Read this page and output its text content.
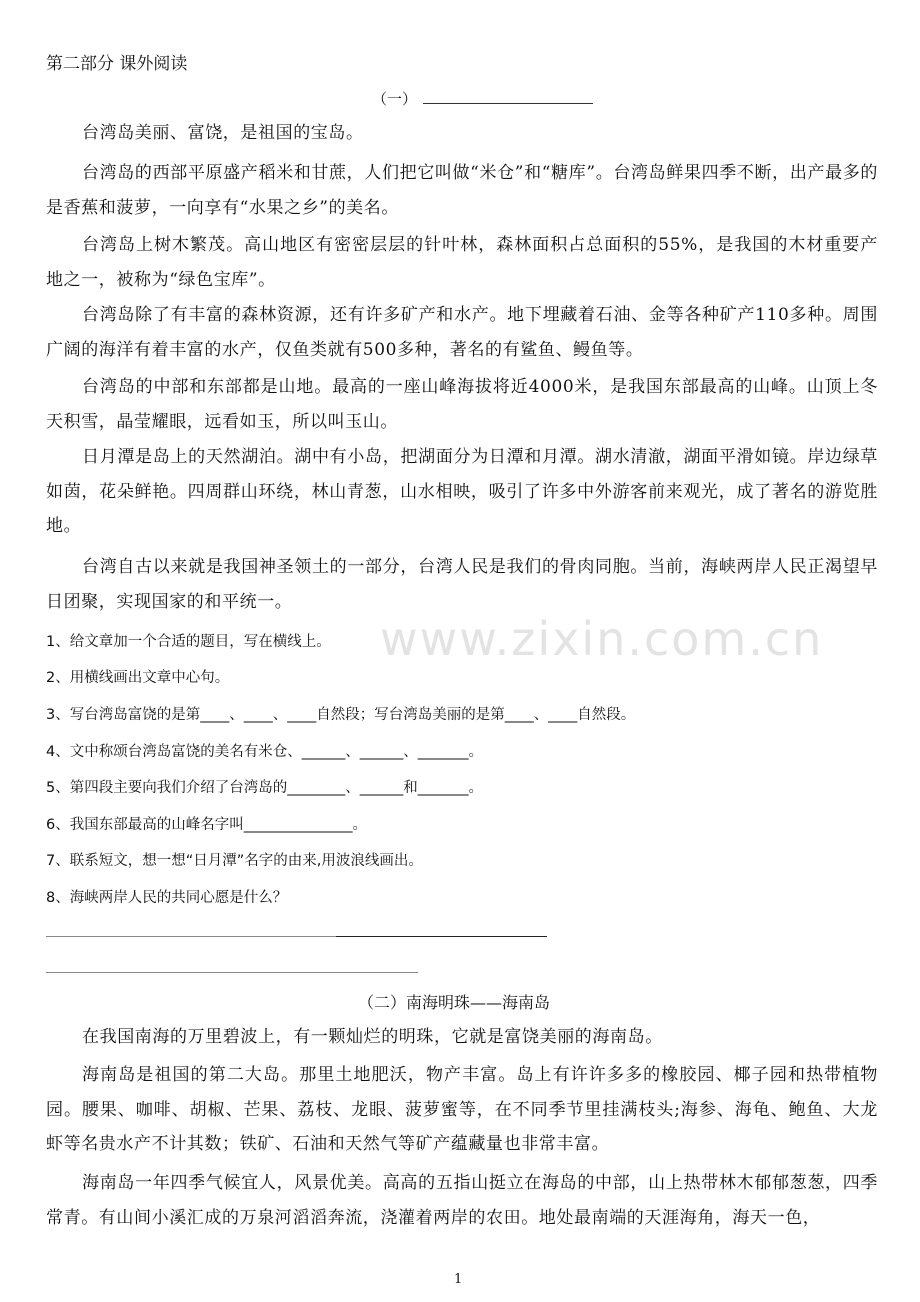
第二部分 课外阅读
（一）
台湾岛美丽、富饶，是祖国的宝岛。
台湾岛的西部平原盛产稻米和甘蔗，人们把它叫做“米仓”和“糖库”。台湾岛鲜果四季不断，出产最多的是香蕉和菠萝，一向享有“水果之乡”的美名。
台湾岛上树木繁茂。高山地区有密密层层的针叶林，森林面积占总面积的55%，是我国的木材重要产地之一，被称为“绿色宝库”。
台湾岛除了有丰富的森林资源，还有许多矿产和水产。地下埋藏着石油、金等各种矿产110多种。周围广阔的海洋有着丰富的水产，仅鱼类就有500多种，著名的有鲨鱼、鳗鱼等。
台湾岛的中部和东部都是山地。最高的一座山峰海拔将近4000米，是我国东部最高的山峰。山顶上冬天积雪，晶莹耀眼，远看如玉，所以叫玉山。
日月潭是岛上的天然湖泊。湖中有小岛，把湖面分为日潭和月潭。湖水清澈，湖面平滑如镜。岸边绿草如茵，花朵鲜艳。四周群山环绕，林山青葱，山水相映，吸引了许多中外游客前来观光，成了著名的游览胜地。
台湾自古以来就是我国神圣领土的一部分，台湾人民是我们的骨肉同胞。当前，海峡两岸人民正渴望早日团聚，实现国家的和平统一。
www.zixin.com.cn
1、给文章加一个合适的题目，写在横线上。
2、用横线画出文章中心句。
3、写台湾岛富饶的是第____、____、____自然段；写台湾岛美丽的是第____、____自然段。
4、文中称颂台湾岛富饶的美名有米仓、______、______、_______。
5、第四段主要向我们介绍了台湾岛的________、______和_______。
6、我国东部最高的山峰名字叫_______________。
7、联系短文，想一想“日月潭”名字的由来,用波浪线画出。
8、海峡两岸人民的共同心愿是什么？
（二）南海明珠——海南岛
在我国南海的万里碧波上，有一颗灿烂的明珠，它就是富饶美丽的海南岛。
海南岛是祖国的第二大岛。那里土地肥沃，物产丰富。岛上有许许多多的橡胶园、椰子园和热带植物园。腰果、咖啡、胡椒、芒果、荔枝、龙眼、菠萝蜜等，在不同季节里挂满枝头;海参、海龟、鲍鱼、大龙虾等名贵水产不计其数；铁矿、石油和天然气等矿产蕴藏量也非常丰富。
海南岛一年四季气候宜人，风景优美。高高的五指山挺立在海岛的中部，山上热带林木郁郁葱葱，四季常青。有山间小溪汇成的万泉河滔滔奔流，浇灌着两岸的农田。地处最南端的天涯海角，海天一色，
1
